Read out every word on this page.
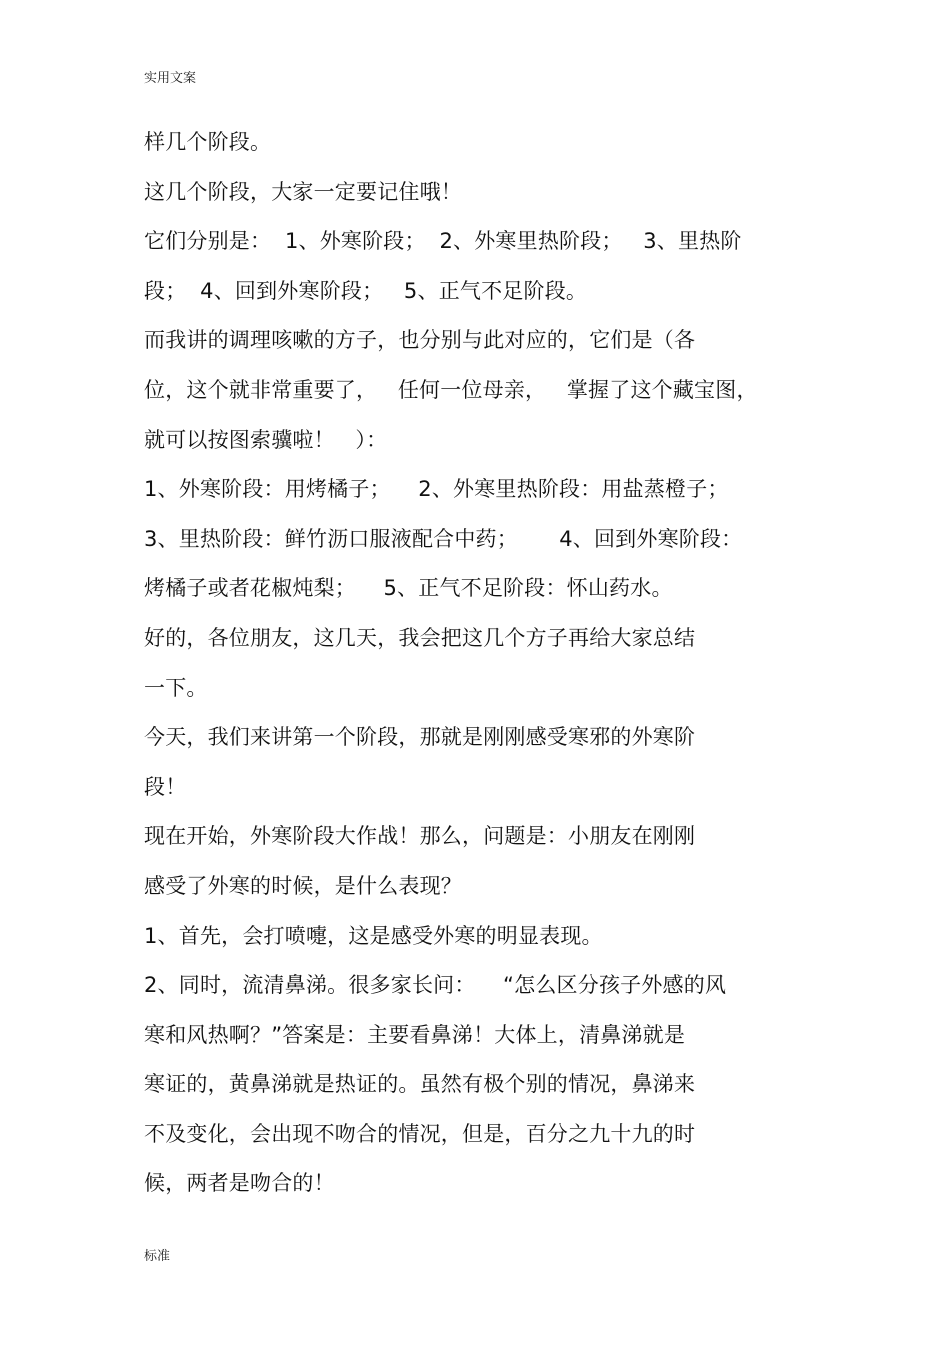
实用文案
样几个阶段。
这几个阶段，大家一定要记住哦！
它们分别是：  1、外寒阶段；  2、外寒里热阶段；   3、里热阶
段；  4、回到外寒阶段；   5、正气不足阶段。
而我讲的调理咳嗽的方子，也分别与此对应的，它们是（各
位，这个就非常重要了，   任何一位母亲，   掌握了这个藏宝图，
就可以按图索骥啦！   ）：
1、外寒阶段：用烤橘子；    2、外寒里热阶段：用盐蒸橙子；
3、里热阶段：鲜竹沥口服液配合中药；      4、回到外寒阶段：
烤橘子或者花椒炖梨；    5、正气不足阶段：怀山药水。
好的，各位朋友，这几天，我会把这几个方子再给大家总结
一下。
今天，我们来讲第一个阶段，那就是刚刚感受寒邪的外寒阶
段！
现在开始，外寒阶段大作战！那么，问题是：小朋友在刚刚
感受了外寒的时候，是什么表现？
1、首先，会打喷嚏，这是感受外寒的明显表现。
2、同时，流清鼻涕。很多家长问：    “怎么区分孩子外感的风
寒和风热啊？”答案是：主要看鼻涕！大体上，清鼻涕就是
寒证的，黄鼻涕就是热证的。虽然有极个别的情况，鼻涕来
不及变化，会出现不吻合的情况，但是，百分之九十九的时
候，两者是吻合的！
标准
